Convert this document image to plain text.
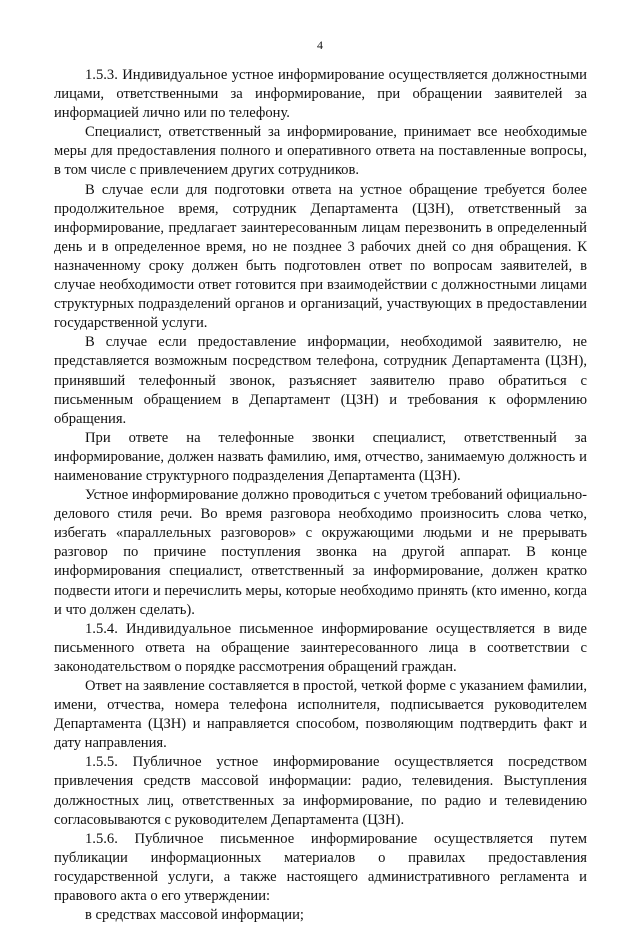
4

1.5.3. Индивидуальное устное информирование осуществляется должностными лицами, ответственными за информирование, при обращении заявителей за информацией лично или по телефону.

Специалист, ответственный за информирование, принимает все необходимые меры для предоставления полного и оперативного ответа на поставленные вопросы, в том числе с привлечением других сотрудников.

В случае если для подготовки ответа на устное обращение требуется более продолжительное время, сотрудник Департамента (ЦЗН), ответственный за информирование, предлагает заинтересованным лицам перезвонить в определенный день и в определенное время, но не позднее 3 рабочих дней со дня обращения. К назначенному сроку должен быть подготовлен ответ по вопросам заявителей, в случае необходимости ответ готовится при взаимодействии с должностными лицами структурных подразделений органов и организаций, участвующих в предоставлении государственной услуги.

В случае если предоставление информации, необходимой заявителю, не представляется возможным посредством телефона, сотрудник Департамента (ЦЗН), принявший телефонный звонок, разъясняет заявителю право обратиться с письменным обращением в Департамент (ЦЗН) и требования к оформлению обращения.

При ответе на телефонные звонки специалист, ответственный за информирование, должен назвать фамилию, имя, отчество, занимаемую должность и наименование структурного подразделения Департамента (ЦЗН).

Устное информирование должно проводиться с учетом требований официально-делового стиля речи. Во время разговора необходимо произносить слова четко, избегать «параллельных разговоров» с окружающими людьми и не прерывать разговор по причине поступления звонка на другой аппарат. В конце информирования специалист, ответственный за информирование, должен кратко подвести итоги и перечислить меры, которые необходимо принять (кто именно, когда и что должен сделать).

1.5.4. Индивидуальное письменное информирование осуществляется в виде письменного ответа на обращение заинтересованного лица в соответствии с законодательством о порядке рассмотрения обращений граждан.

Ответ на заявление составляется в простой, четкой форме с указанием фамилии, имени, отчества, номера телефона исполнителя, подписывается руководителем Департамента (ЦЗН) и направляется способом, позволяющим подтвердить факт и дату направления.

1.5.5. Публичное устное информирование осуществляется посредством привлечения средств массовой информации: радио, телевидения. Выступления должностных лиц, ответственных за информирование, по радио и телевидению согласовываются с руководителем Департамента (ЦЗН).

1.5.6. Публичное письменное информирование осуществляется путем публикации информационных материалов о правилах предоставления государственной услуги, а также настоящего административного регламента и правового акта о его утверждении:

в средствах массовой информации;
